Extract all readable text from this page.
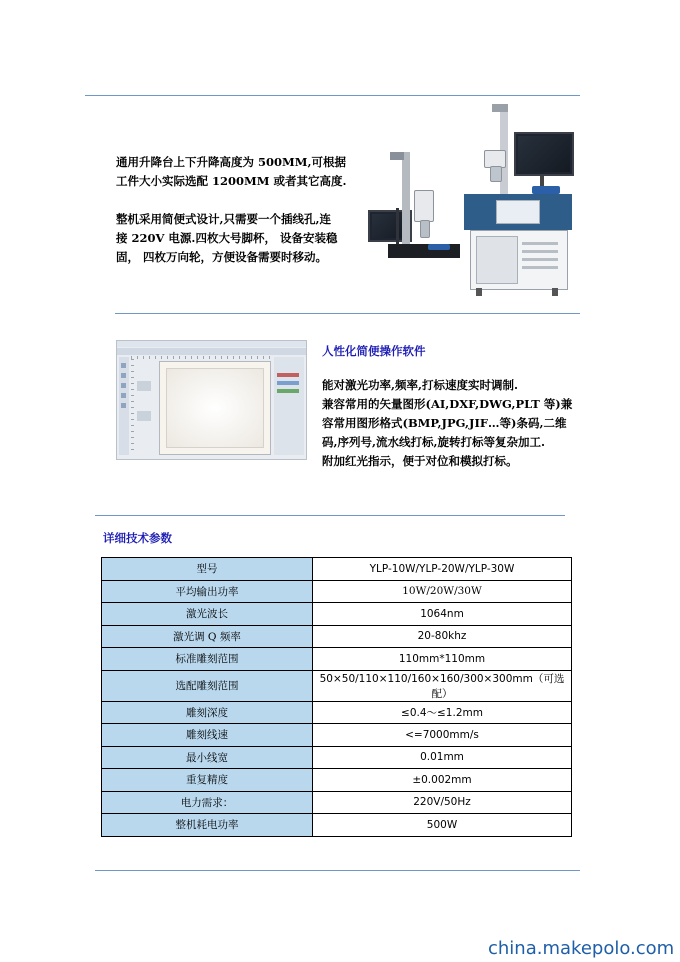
通用升降台上下升降高度为 500MM,可根据
工件大小实际选配 1200MM 或者其它高度.
整机采用简便式设计,只需要一个插线孔,连
接 220V 电源.四枚大号脚杯， 设备安装稳
固， 四枚万向轮，方便设备需要时移动。
人性化简便操作软件
能对激光功率,频率,打标速度实时调制.
兼容常用的矢量图形(AI,DXF,DWG,PLT 等)兼
容常用图形格式(BMP,JPG,JIF…等)条码,二维
码,序列号,流水线打标,旋转打标等复杂加工.
附加红光指示，便于对位和模拟打标。
详细技术参数
型号	YLP-10W/YLP-20W/YLP-30W
平均输出功率	10W/20W/30W
激光波长	1064nm
激光调 Q 频率	20-80khz
标准雕刻范围	110mm*110mm
选配雕刻范围	50×50/110×110/160×160/300×300mm（可选配）
雕刻深度	≤0.4～≤1.2mm
雕刻线速	<=7000mm/s
最小线宽	0.01mm
重复精度	±0.002mm
电力需求：	220V/50Hz
整机耗电功率	500W
china.makepolo.com
